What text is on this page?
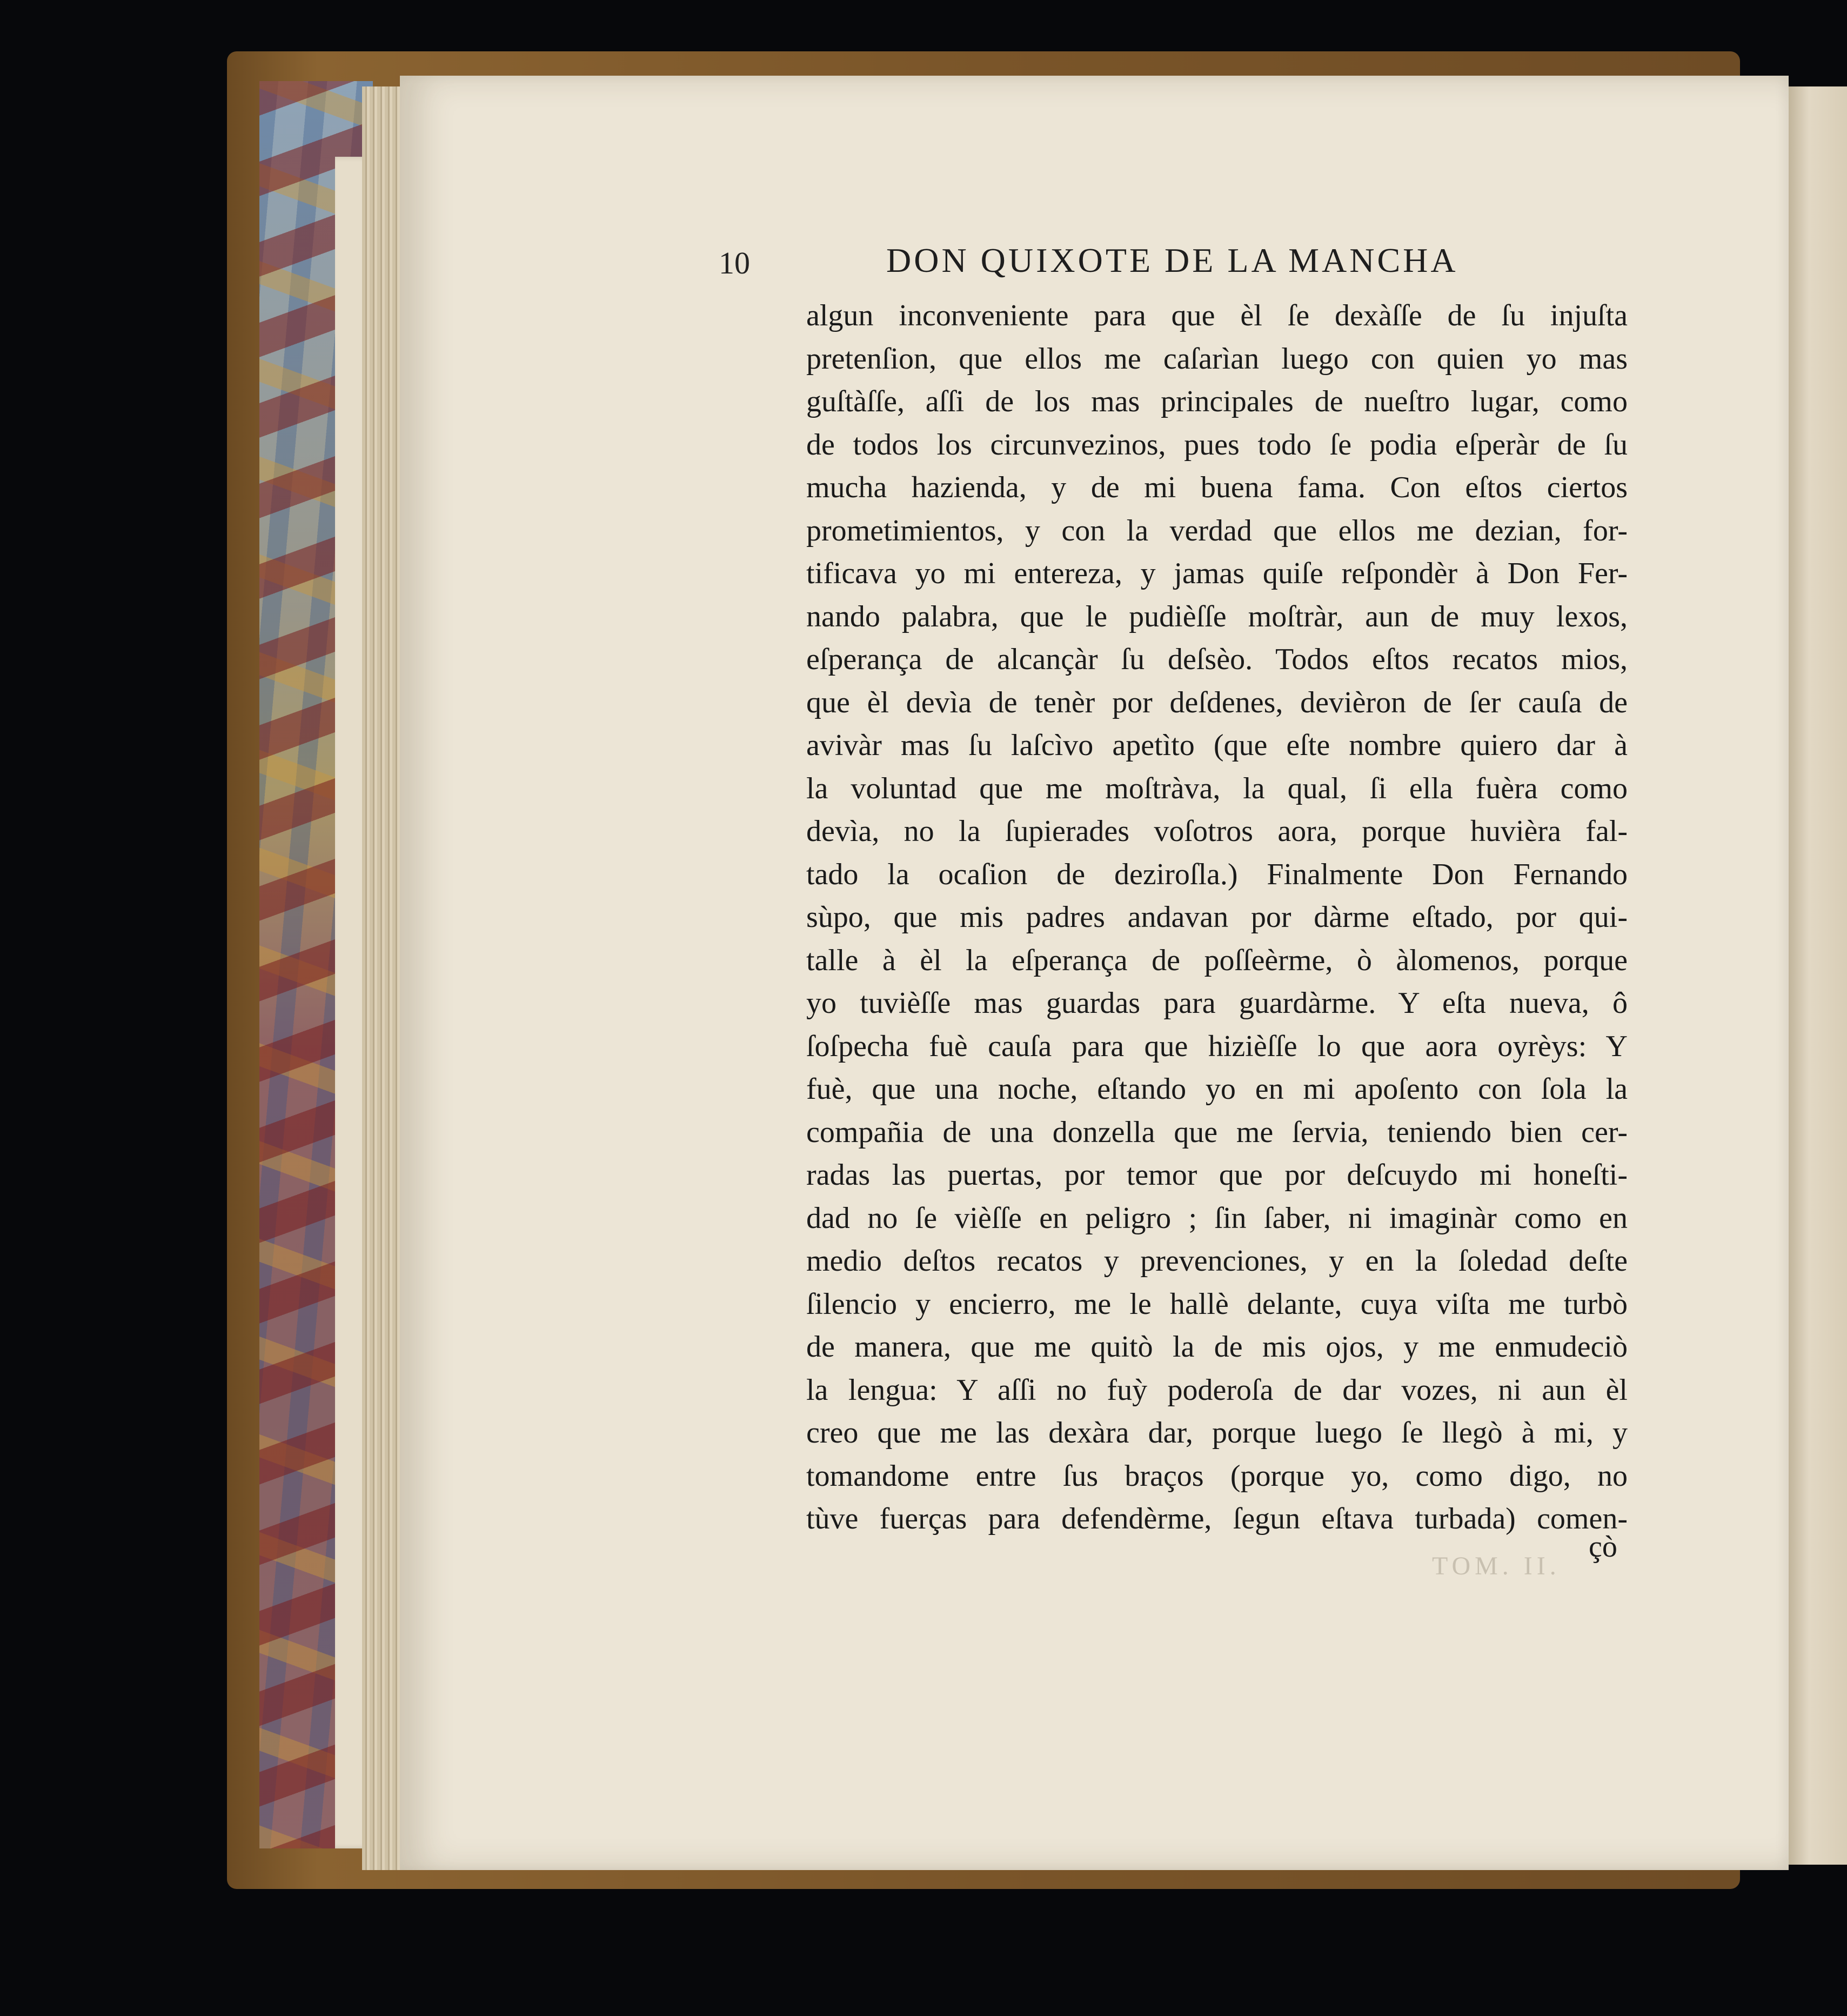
10	DON QUIXOTE DE LA MANCHA
algun inconveniente para que èl ſe dexàſſe de ſu injuſta
pretenſion, que ellos me caſarìan luego con quien yo mas
guſtàſſe, aſſi de los mas principales de nueſtro lugar, como
de todos los circunvezinos, pues todo ſe podia eſperàr de ſu
mucha hazienda, y de mi buena fama. Con eſtos ciertos
prometimientos, y con la verdad que ellos me dezian, for-
tificava yo mi entereza, y jamas quiſe reſpondèr à Don Fer-
nando palabra, que le pudièſſe moſtràr, aun de muy lexos,
eſperança de alcançàr ſu deſsèo. Todos eſtos recatos mios,
que èl devìa de tenèr por deſdenes, devièron de ſer cauſa de
avivàr mas ſu laſcìvo apetìto (que eſte nombre quiero dar à
la voluntad que me moſtràva, la qual, ſi ella fuèra como
devìa, no la ſupierades voſotros aora, porque huvièra fal-
tado la ocaſion de deziroſla.) Finalmente Don Fernando
sùpo, que mis padres andavan por dàrme eſtado, por qui-
talle à èl la eſperança de poſſeèrme, ò àlomenos, porque
yo tuvièſſe mas guardas para guardàrme. Y eſta nueva, ô
ſoſpecha fuè cauſa para que hizièſſe lo que aora oyrèys: Y
fuè, que una noche, eſtando yo en mi apoſento con ſola la
compañia de una donzella que me ſervia, teniendo bien cer-
radas las puertas, por temor que por deſcuydo mi honeſti-
dad no ſe vièſſe en peligro ; ſin ſaber, ni imaginàr como en
medio deſtos recatos y prevenciones, y en la ſoledad deſte
ſilencio y encierro, me le hallè delante, cuya viſta me turbò
de manera, que me quitò la de mis ojos, y me enmudeciò
la lengua: Y aſſi no fuỳ poderoſa de dar vozes, ni aun èl
creo que me las dexàra dar, porque luego ſe llegò à mi, y
tomandome entre ſus braços (porque yo, como digo, no
tùve fuerças para defendèrme, ſegun eſtava turbada) comen-
TOM. II.
çò
